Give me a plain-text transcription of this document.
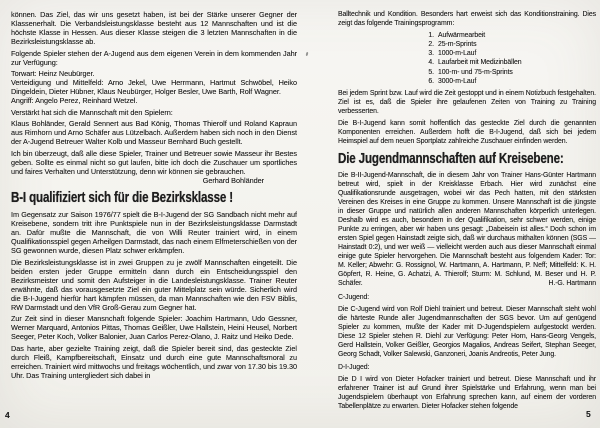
können. Das Ziel, das wir uns gesetzt haben, ist bei der Stärke unserer Gegner der Klassenerhalt. Die Verbandsleistungsklasse besteht aus 12 Mannschaften und ist die höchste Klasse in Hessen. Aus dieser Klasse steigen die 3 letzten Mannschaften in die Bezirksleistungsklasse ab.

Folgende Spieler stehen der A-Jugend aus dem eigenen Verein in dem kommenden Jahr zur Verfügung:

Torwart: Heinz Neubürger.

Verteidigung und Mittelfeld: Arno Jekel, Uwe Herrmann, Hartmut Schwöbel, Heiko Dingeldein, Dieter Hübner, Klaus Neubürger, Holger Besler, Uwe Barth, Rolf Wagner.

Angriff: Angelo Perez, Reinhard Wetzel.

Verstärkt hat sich die Mannschaft mit den Spielern:

Klaus Bohländer, Gerald Sennert aus Bad König, Thomas Thierolf und Roland Kapraun aus Rimhorn und Arno Schäfer aus Lützelbach. Außerdem haben sich noch in den Dienst der A-Jugend Betreuer Walter Kolb und Masseur Bernhard Buch gestellt.

Ich bin überzeugt, daß alle diese Spieler, Trainer und Betreuer sowie Masseur ihr Bestes geben. Sollte es einmal nicht so gut laufen, bitte ich doch die Zuschauer um sportliches und faires Verhalten und Unterstützung, denn wir können sie gebrauchen.
Gerhard Bohländer

B-I qualifiziert sich für die Bezirksklasse !

Im Gegensatz zur Saison 1976/77 spielt die B-I-Jugend der SG Sandbach nicht mehr auf Kreisebene, sondern tritt ihre Punktspiele nun in der Bezirksleistungsklasse Darmstadt an. Dafür mußte die Mannschaft, die von Willi Reuter trainiert wird, in einem Qualifikationsspiel gegen Arheilgen Darmstadt, das nach einem Elfmeterschießen von der SG gewonnen wurde, diesen Platz schwer erkämpfen.

Die Bezirksleistungsklasse ist in zwei Gruppen zu je zwölf Mannschaften eingeteilt. Die beiden ersten jeder Gruppe ermitteln dann durch ein Entscheidungsspiel den Bezirksmeister und somit den Aufsteiger in die Landesleistungsklasse. Trainer Reuter erwähnte, daß das vorausgesetzte Ziel ein guter Mittelplatz sein würde. Sicherlich wird die B-I-Jugend hierfür hart kämpfen müssen, da man Mannschaften wie den FSV Biblis, RW Darmstadt und den VfR Groß-Gerau zum Gegner hat.

Zur Zeit sind in dieser Mansnchaft folgende Spieler: Joachim Hartmann, Udo Gessner, Werner Marquard, Antonios Pittas, Thomas Geißler, Uwe Hallstein, Heini Heusel, Norbert Seeger, Peter Koch, Volker Balonier, Juan Carlos Perez-Olano, J. Raitz und Heiko Dede.

Das harte, aber gezielte Training zeigt, daß die Spieler bereit sind, das gesteckte Ziel durch Fleiß, Kampfbereitschaft, Einsatz und durch eine gute Mannschaftsmoral zu erreichen. Trainiert wird mittwochs und freitags wöchentlich, und zwar von 17.30 bis 19.30 Uhr. Das Training untergliedert sich dabei in

Balltechnik und Kondition. Besonders hart erweist sich das Konditionstraining. Dies zeigt das folgende Trainingsprogramm:

1. Aufwärmearbeit
2. 25-m-Sprints
3. 1000-m-Lauf
4. Laufarbeit mit Medizinbällen
5. 100-m- und 75-m-Sprints
6. 3000-m-Lauf

Bei jedem Sprint bzw. Lauf wird die Zeit gestoppt und in einem Notizbuch festgehalten. Ziel ist es, daß die Spieler ihre gelaufenen Zeiten von Training zu Training verbesserten.

Die B-I-Jugend kann somit hoffentlich das gesteckte Ziel durch die genannten Komponenten erreichen. Außerdem hofft die B-I-Jugend, daß sich bei jedem Heimspiel auf dem neuen Sportplatz zahlreiche Zuschauer einfinden werden.

Die Jugendmannschaften auf Kreisebene:

Die B-II-Jugend-Mannschaft, die in diesem Jahr von Trainer Hans-Günter Hartmann betreut wird, spielt in der Kreisklasse Erbach. Hier wird zunächst eine Qualifikationsrunde ausgetragen, wobei wir das Pech hatten, mit den stärksten Vereinen des Kreises in eine Gruppe zu kommen. Unsere Mannschaft ist die jüngste in dieser Gruppe und natürlich allen anderen Mannschaften körperlich unterlegen. Deshalb wird es auch, besondern in der Qualifikation, sehr schwer werden, einige Punkte zu erringen, aber wir haben uns gesagt: „Dabeisein ist alles.“ Doch schon im ersten Spiel gegen Hainstadt zeigte sich, daß wir durchaus mithalten können (SGS — Hainstadt 0:2), und wer weiß — vielleicht werden auch aus dieser Mannschaft einmal einige gute Spieler hervorgehen. Die Mannschaft besteht aus folgendem Kader: Tor: M. Keller; Abwehr: G. Rossignol, W. Hartmann, A. Hartmann, P. Neff; Mittelfeld: K. H. Göpfert, R. Heine, G. Achatzi, A. Thierolf; Sturm: M. Schlund, M. Beser und H. P. Schäfer.	H.-G. Hartmann

C-Jugend:

Die C-Jugend wird von Rolf Diehl trainiert und betreut. Dieser Mannschaft steht wohl die härteste Runde aller Jugendmannschaften der SGS bevor. Um auf genügend Spieler zu kommen, mußte der Kader mit D-Jugendspielern aufgestockt werden. Diese 12 Spieler stehen R. Diehl zur Verfügung: Peter Horn, Hans-Georg Vengels, Gerd Hallstein, Volker Geißler, Georgios Magalios, Andreas Seifert, Stephan Seeger, Georg Schadt, Volker Salewski, Ganzoneri, Joanis Andreotis, Peter Jung.

D-I-Juged:

Die D I wird von Dieter Hofacker trainiert und betreut. Diese Mannschaft und ihr erfahrener Trainer ist auf Grund ihrer Spielstärke und Erfahrung, wenn man bei Jugendspielern überhaupt von Erfahrung sprechen kann, auf einem der vorderen Tabellenplätze zu erwarten. Dieter Hofacker stehen folgende

4	5
